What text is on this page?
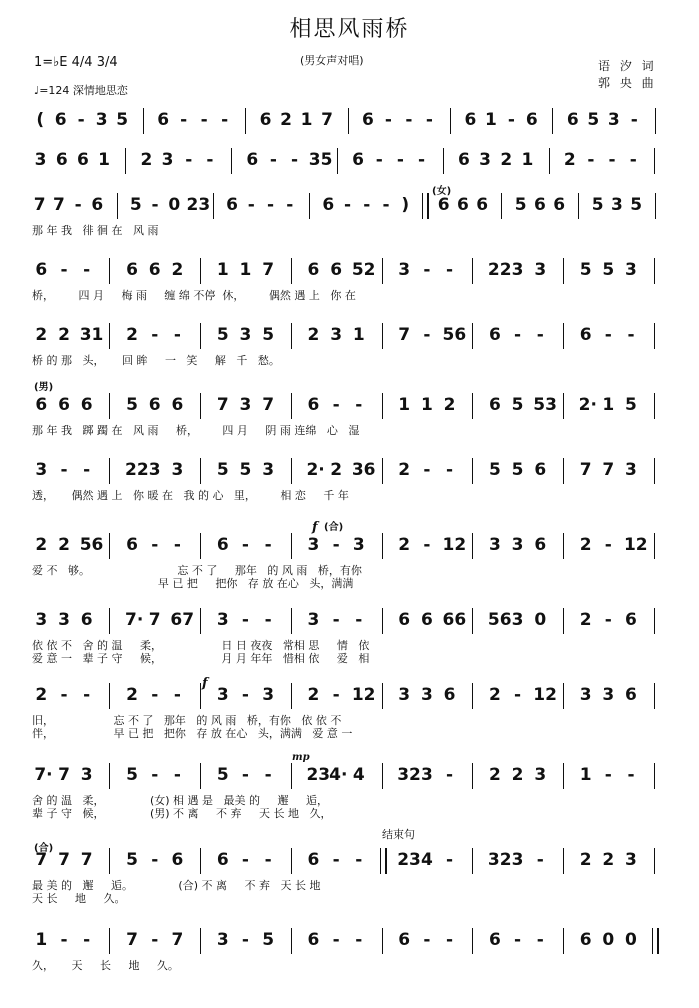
相思风雨桥
(男女声对唱)	语 汐 词
郭 央 曲
1=♭E 4/4 3/4
♩=124 深情地思恋
( 6 - 3 5 6 - - - 6 2 1 7 6 - - - 6 1 - 6 6 5 3 -
3 6 6 1 2 3 - - 6 - - 35 6 - - - 6 3 2 1 2 - - -
7 7 - 6 5 - 0 23 6 - - - 6 - - - ) 6 6 6 5 6 6 5 3 5
那 年 我   徘 徊 在   风 雨
6 - - 6 6 2 1 1 7 6 6 52 3 - - 22 3 3 5 5 3
桥，       四 月     梅 雨     缠 绵 不停  休，       偶然 遇 上   你 在
2 2 31 2 - - 5 3 5 2 3 1 7 - 56 6 - - 6 - -
桥 的 那   头，     回 眸     一   笑     解   千   愁。
6 6 6 5 6 6 7 3 7 6 - - 1 1 2 6 5 53 2· 1 5
那 年 我   踯 躅 在   风 雨     桥，       四 月     阴 雨 连绵   心   湿
3 - - 22 3 3 5 5 3 2· 2 36 2 - - 5 5 6 7 7 3
透，     偶然 遇 上   你 暖 在   我 的 心   里，       相 恋     千 年
2 2 56 6 - - 6 - - 3 - 3 2 - 12 3 3 6 2 - 12
爱 不   够。                         忘 不 了     那年   的 风 雨   桥，有你
早 已 把     把你   存 放 在心   头，满满
3 3 6 7· 7 67 3 - - 3 - - 6 6 66 56 3 0 2 - 6
依 依 不   舍 的 温     柔，                 日 日 夜夜   常相 思     情   依
爱 意 一   辈 子 守     候，                 月 月 年年   惜相 依     爱   相
2 - - 2 - - 3 - 3 2 - 12 3 3 6 2 - 12 3 3 6
旧，                 忘 不 了   那年   的 风 雨   桥，有你   依 依 不
伴，                 早 已 把   把你   存 放 在心   头，满满   爱 意 一
7· 7 3 5 - - 5 - - 23 4· 4 32 3 - 2 2 3 1 - -
舍 的 温   柔，             (女) 相 遇 是   最美 的     邂     逅，
辈 子 守   候，             (男) 不 离     不 弃     天 长 地   久，
7 7 7 5 - 6 6 - - 6 - - 23 4 - 32 3 - 2 2 3
最 美 的   邂     逅。             (合) 不 离     不 弃   天 长 地
天 长     地     久。
1 - - 7 - 7 3 - 5 6 - - 6 - - 6 - - 6 0 0
久，     天     长     地     久。
(女)
(男)
(合)
结束句
(合)
f
f
mp
